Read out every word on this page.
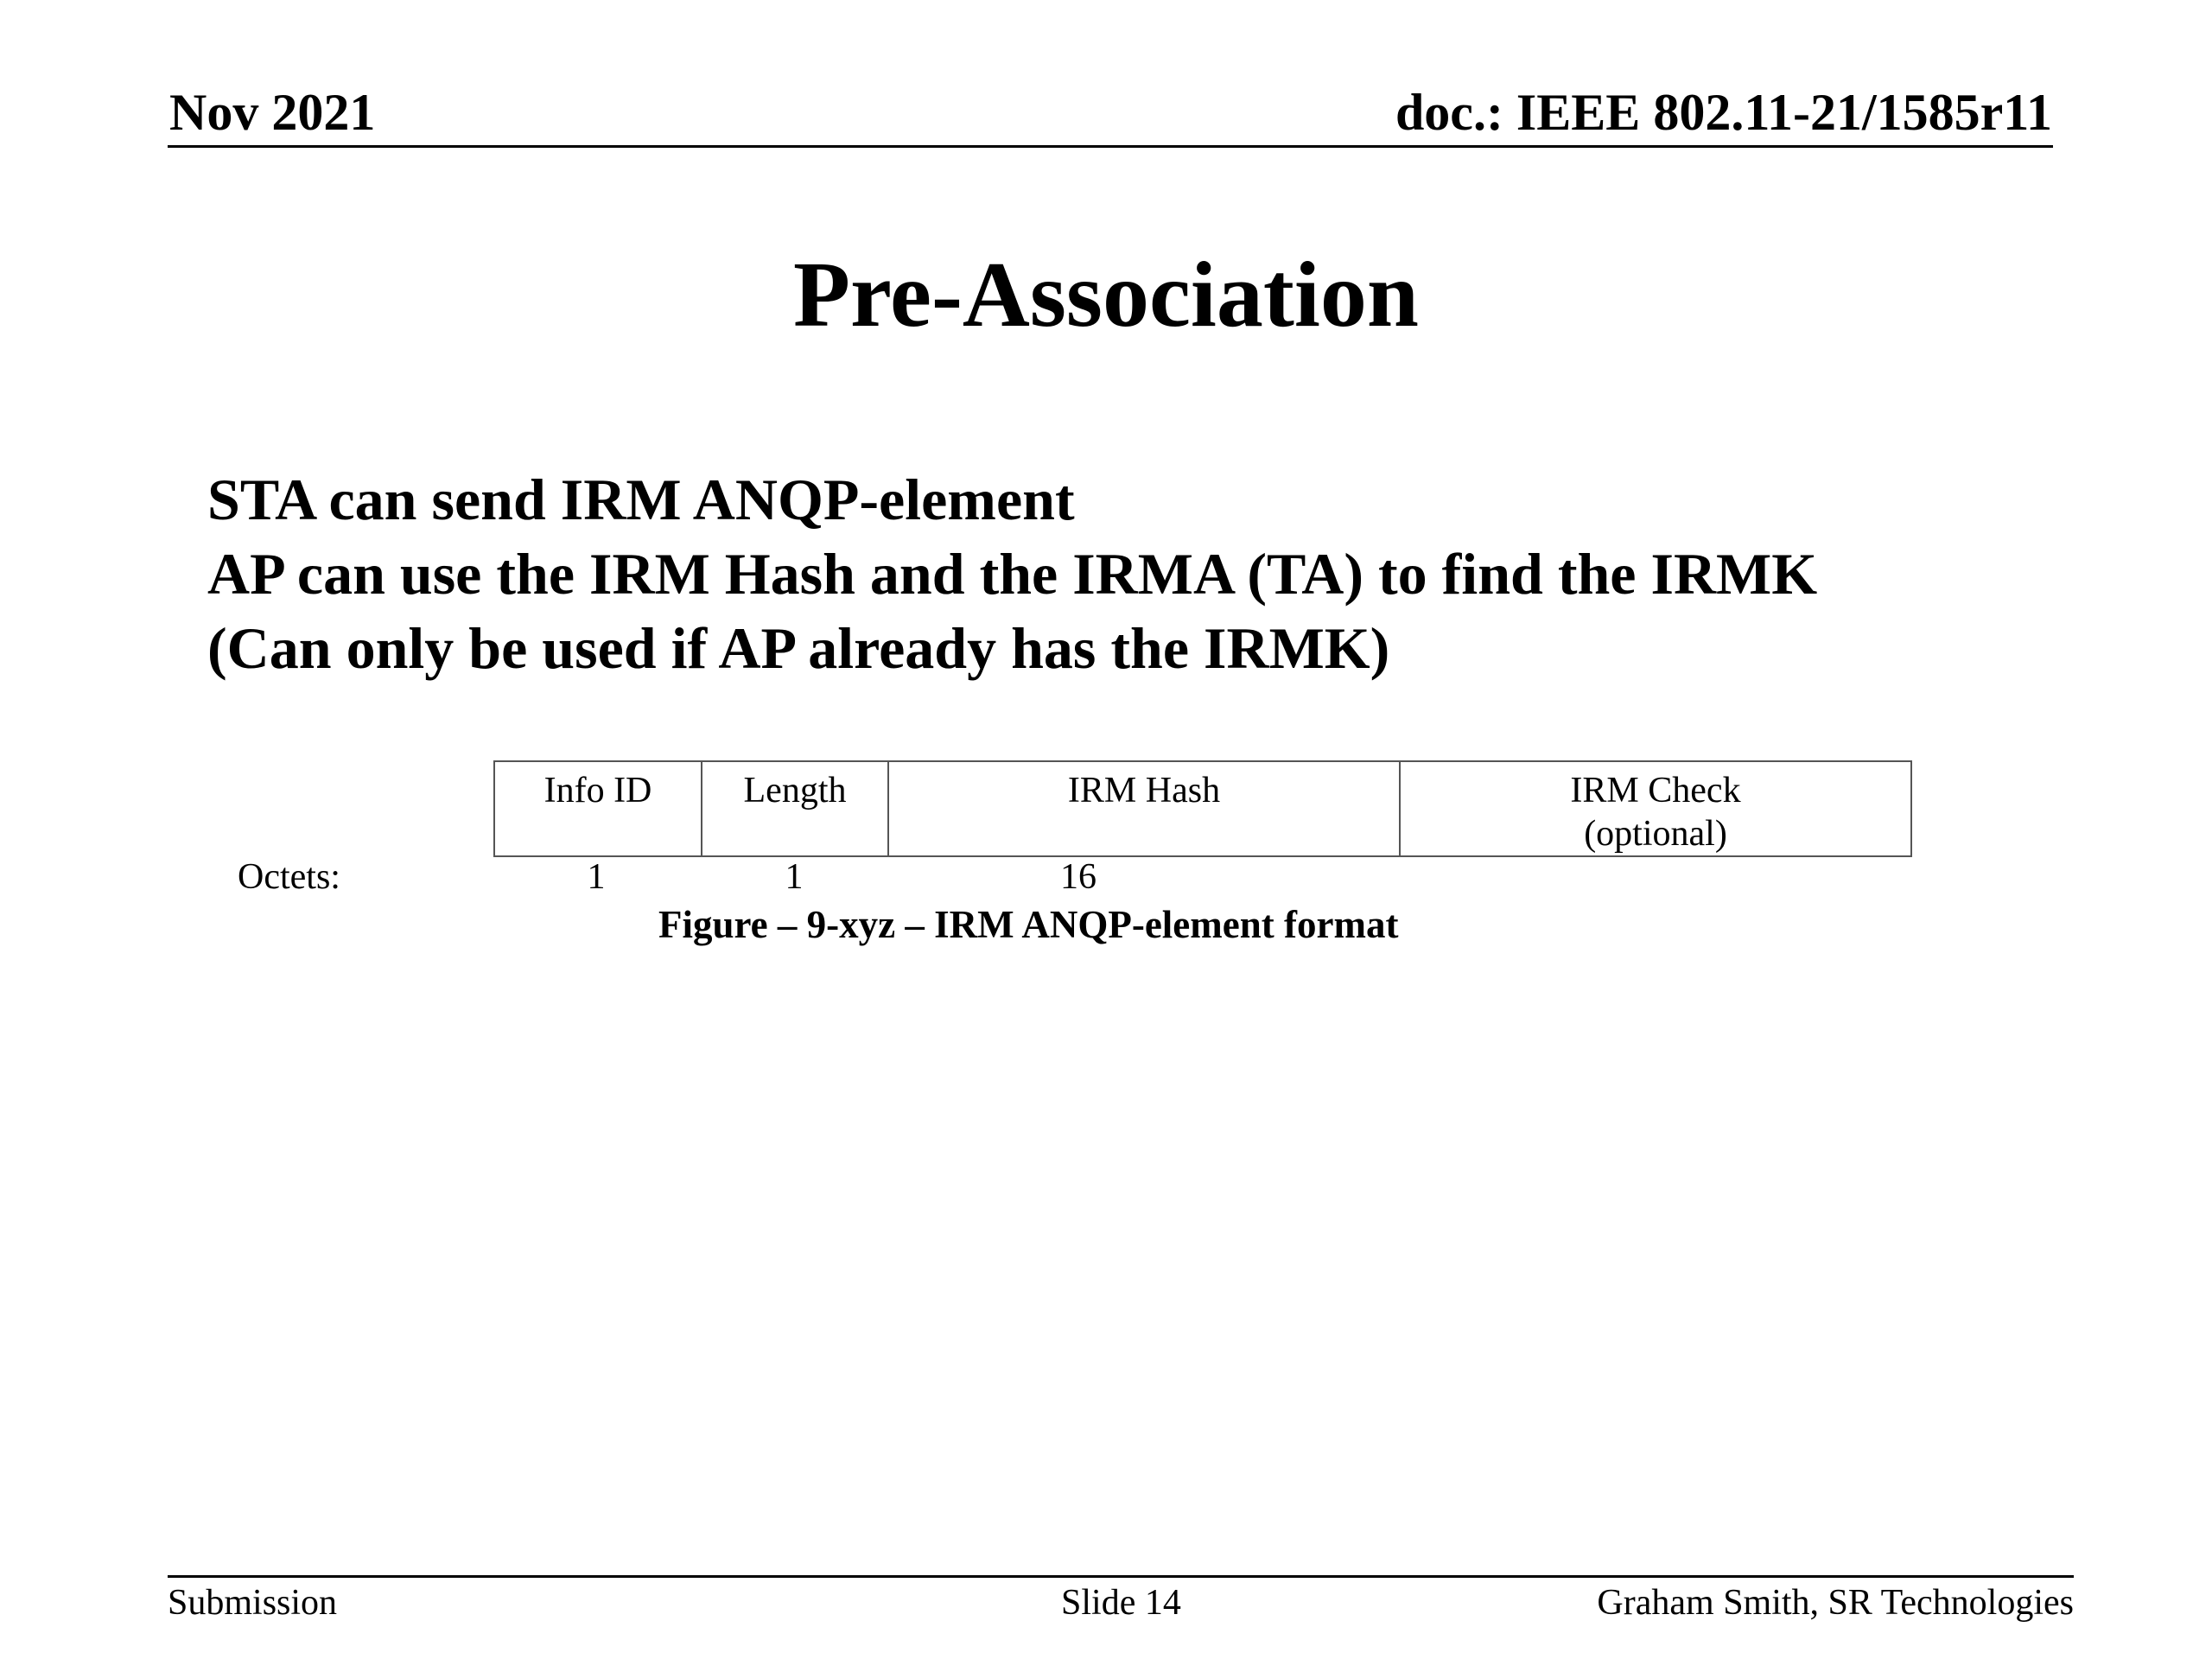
Nov 2021	doc.: IEEE 802.11-21/1585r11
Pre-Association
STA can send IRM ANQP-element
AP can use the IRM Hash and the IRMA (TA) to find the IRMK
(Can only be used if AP already has the IRMK)
Info ID	Length	IRM Hash	IRM Check
(optional)
Octets:	1	1	16
Figure – 9-xyz – IRM ANQP-element format
Submission	Slide 14	Graham Smith, SR Technologies
